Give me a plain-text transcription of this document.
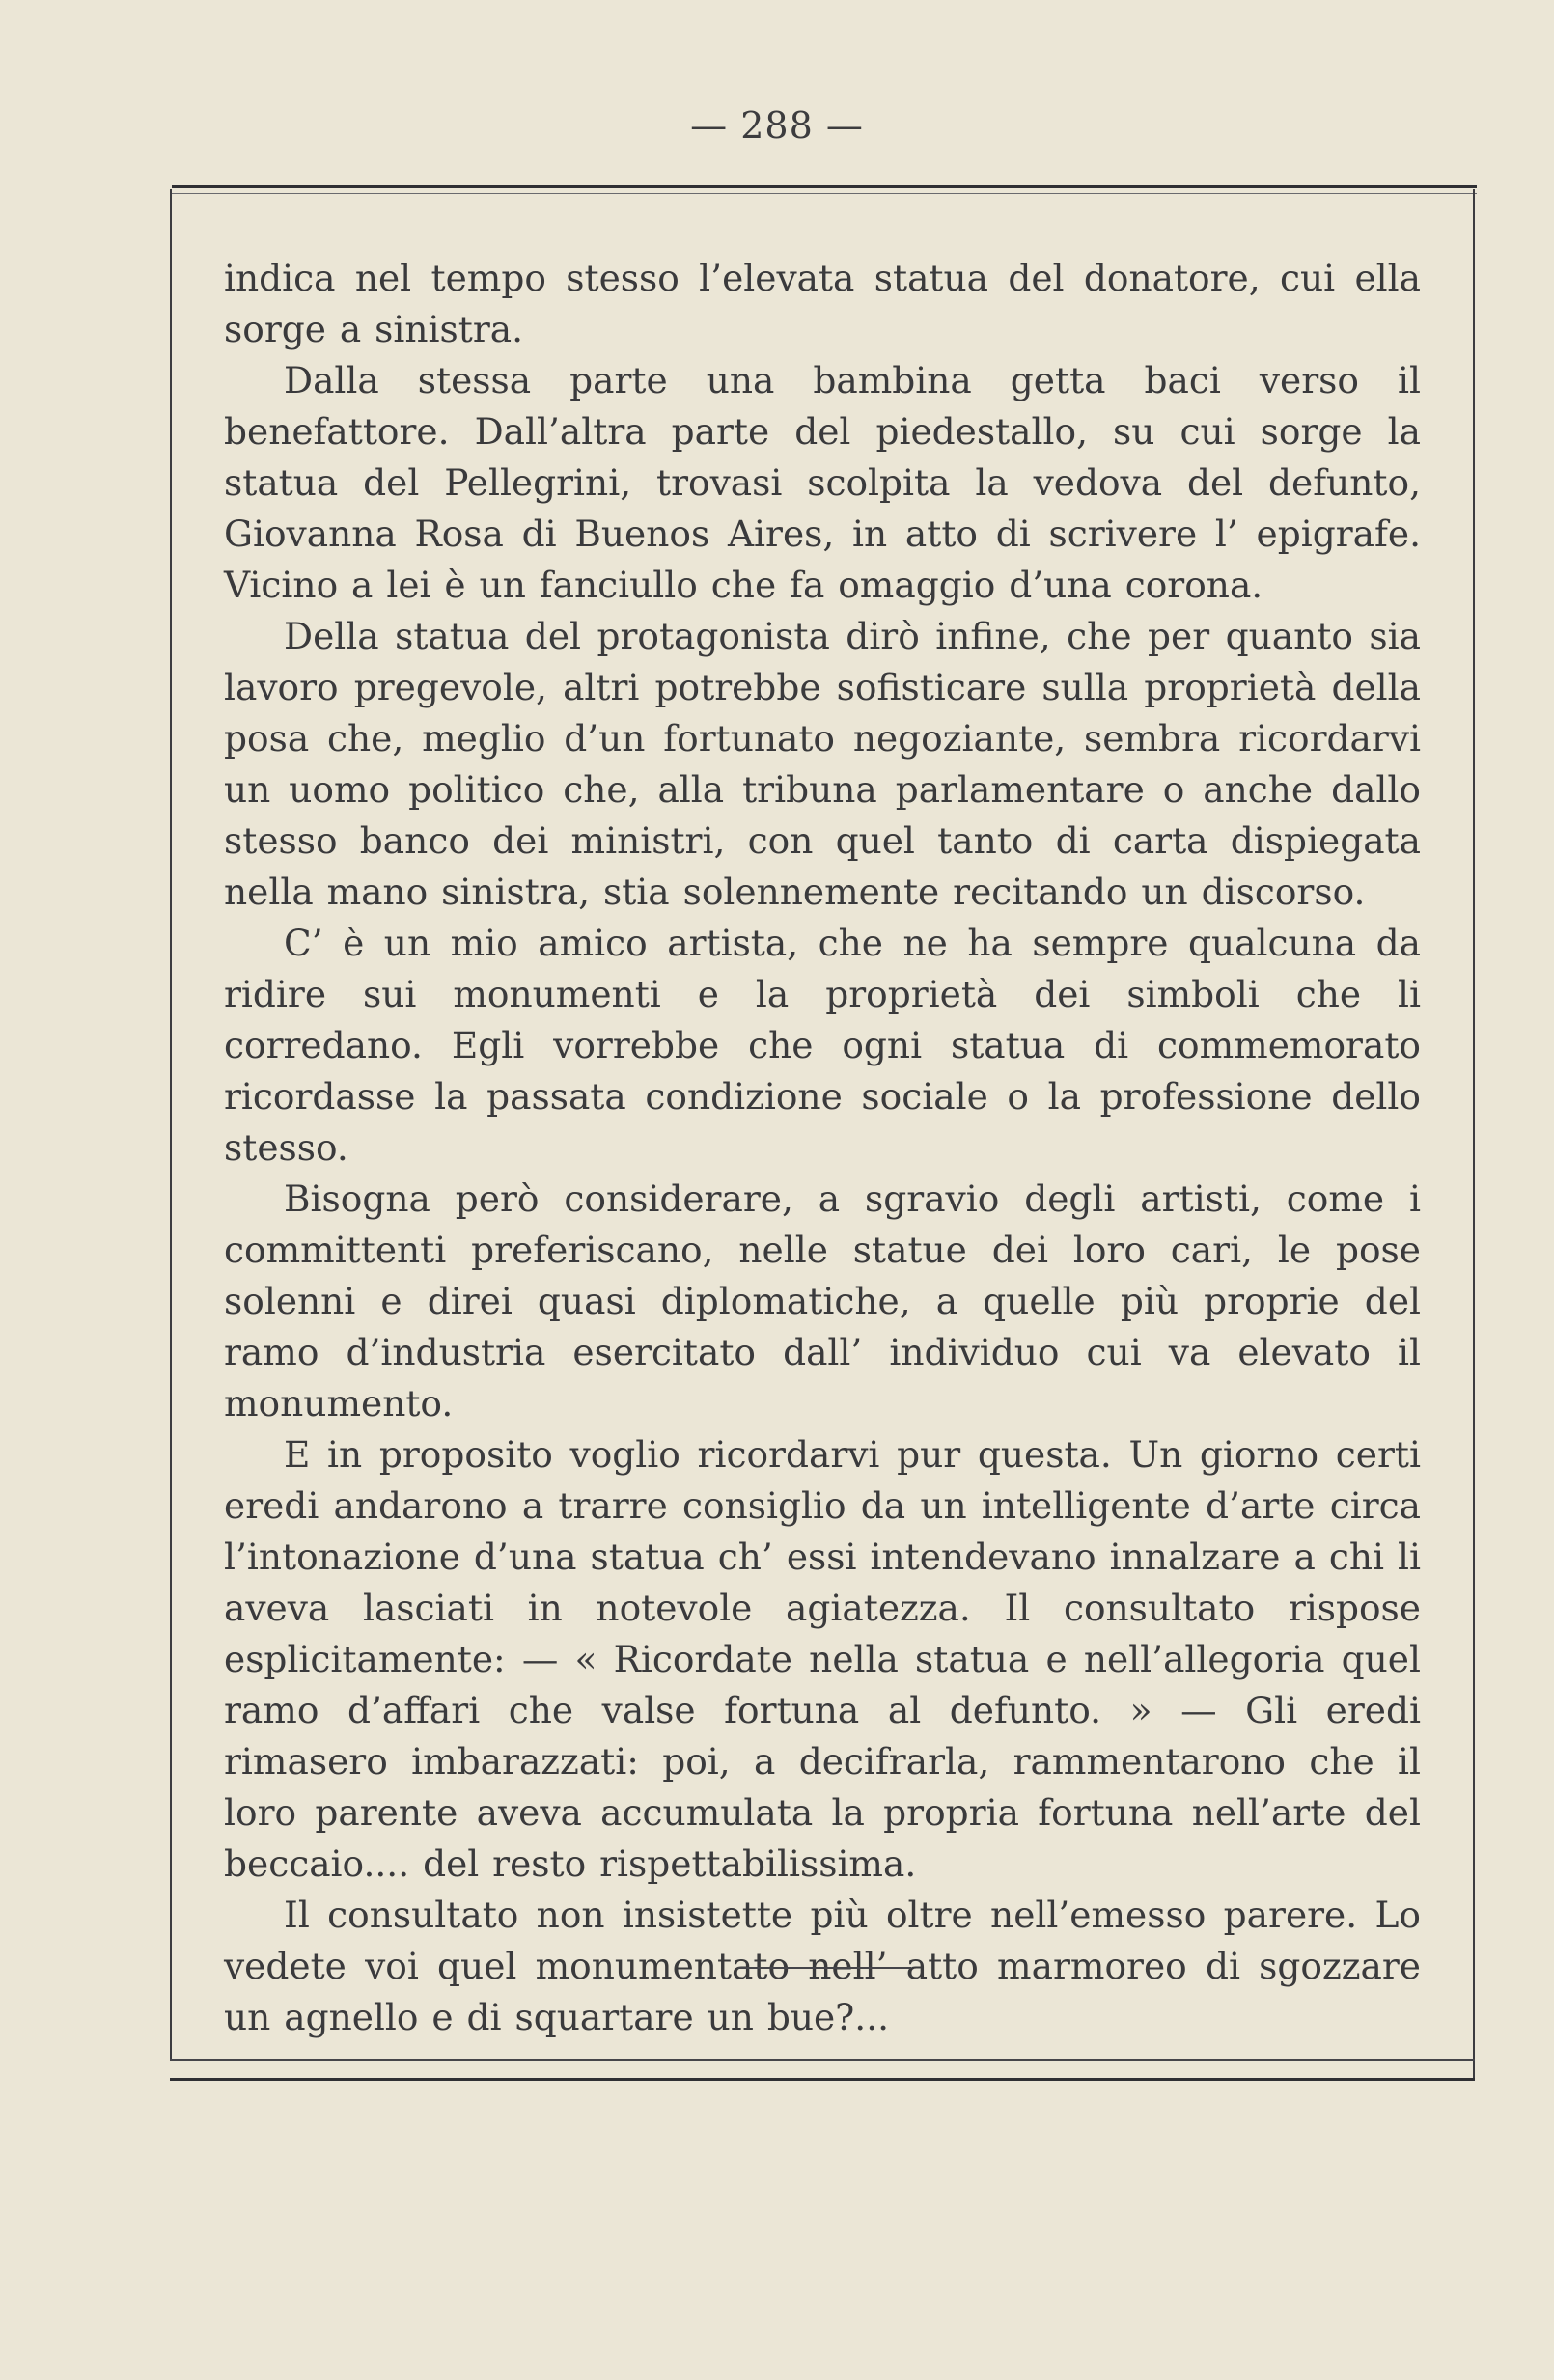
— 288 —

indica nel tempo stesso l’elevata statua del donatore, cui ella sorge a sinistra.

Dalla stessa parte una bambina getta baci verso il benefattore. Dall’altra parte del piedestallo, su cui sorge la statua del Pellegrini, trovasi scolpita la vedova del defunto, Giovanna Rosa di Buenos Aires, in atto di scrivere l’ epigrafe. Vicino a lei è un fanciullo che fa omaggio d’una corona.

Della statua del protagonista dirò infine, che per quanto sia lavoro pregevole, altri potrebbe sofisticare sulla proprietà della posa che, meglio d’un fortunato negoziante, sembra ricordarvi un uomo politico che, alla tribuna parlamentare o anche dallo stesso banco dei ministri, con quel tanto di carta dispiegata nella mano sinistra, stia solennemente recitando un discorso.

C’ è un mio amico artista, che ne ha sempre qualcuna da ridire sui monumenti e la proprietà dei simboli che li corredano. Egli vorrebbe che ogni statua di commemorato ricordasse la passata condizione sociale o la professione dello stesso.

Bisogna però considerare, a sgravio degli artisti, come i committenti preferiscano, nelle statue dei loro cari, le pose solenni e direi quasi diplomatiche, a quelle più proprie del ramo d’industria esercitato dall’ individuo cui va elevato il monumento.

E in proposito voglio ricordarvi pur questa. Un giorno certi eredi andarono a trarre consiglio da un intelligente d’arte circa l’intonazione d’una statua ch’ essi intendevano innalzare a chi li aveva lasciati in notevole agiatezza. Il consultato rispose esplicitamente: — « Ricordate nella statua e nell’allegoria quel ramo d’affari che valse fortuna al defunto. » — Gli eredi rimasero imbarazzati: poi, a decifrarla, rammentarono che il loro parente aveva accumulata la propria fortuna nell’arte del beccaio.... del resto rispettabilissima.

Il consultato non insistette più oltre nell’emesso parere. Lo vedete voi quel monumentato nell’ atto marmoreo di sgozzare un agnello e di squartare un bue?...
